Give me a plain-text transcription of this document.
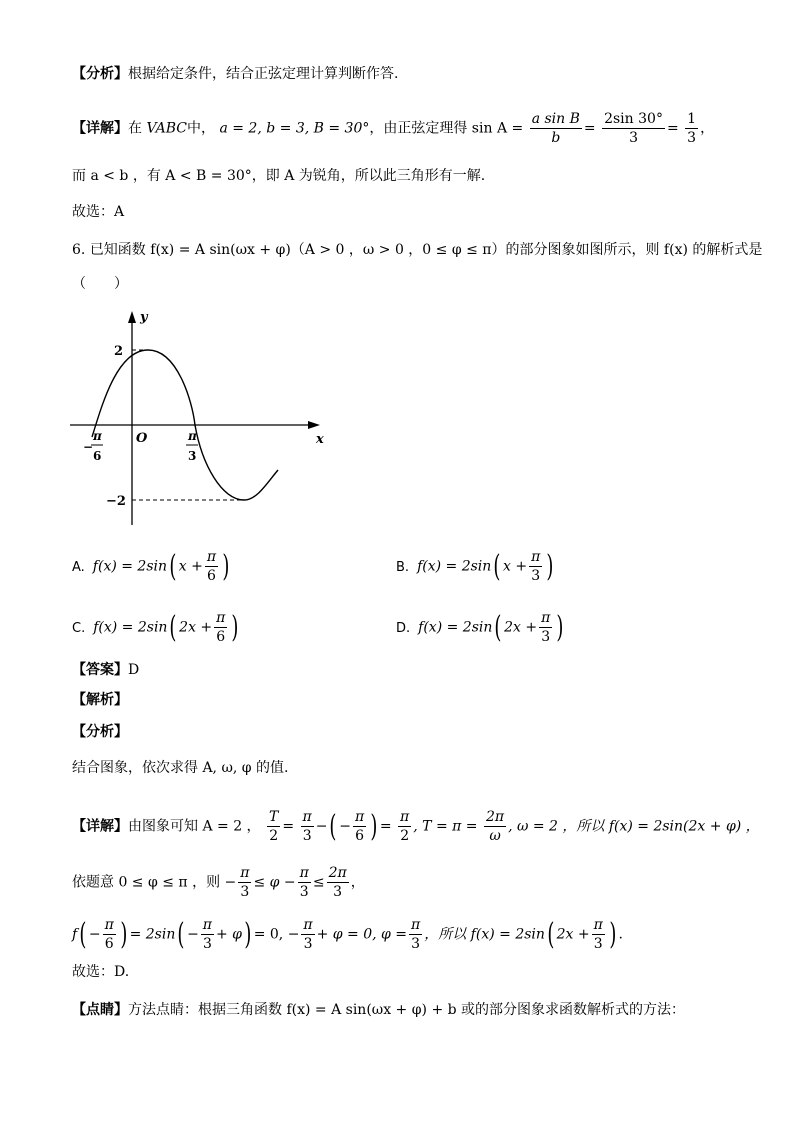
【分析】根据给定条件，结合正弦定理计算判断作答.
【详解】在 VABC中， a = 2, b = 3, B = 30°，由正弦定理得 $\sin A = \frac{\text{a sin B}}{b} = \frac{2\sin 30^\circ}{3} = \frac{1}{3}$ ，
而 a < b ，有 A < B = 30°，即 A 为锐角，所以此三角形有一解.
故选：A
6. 已知函数 f(x) = A sin(ωx + φ)（A > 0 ，ω > 0 ，0 ≤ φ ≤ π）的部分图象如图所示，则 f(x) 的解析式是
（　　）
y
x
O
2
−2
−
π
6
π
3
A. f(x) = 2sin( $x + \frac{\pi}{6}$ )	B. f(x) = 2sin( $x + \frac{\pi}{3}$ )
C. f(x) = 2sin( $2x + \frac{\pi}{6}$ )	D. f(x) = 2sin( $2x + \frac{\pi}{3}$ )
【答案】D
【解析】
【分析】
结合图象，依次求得 A, ω, φ 的值.
【详解】由图象可知 A = 2 ， $\frac{T}{2} = \frac{\pi}{3}$ −( − $\frac{\pi}{6}$ ) = $\frac{\pi}{2}$ , $T = \pi = \frac{2\pi}{\omega}$ , ω = 2 ，所以 f(x) = 2sin(2x + φ) ，
依题意 0 ≤ φ ≤ π ，则 − $\frac{\pi}{3} \le \varphi - \frac{\pi}{3} \le \frac{2\pi}{3}$ ，
$f( - \frac{\pi}{6}$ ) = $2\sin( - \frac{\pi}{3} + \varphi) = 0$, − $\frac{\pi}{3} + \varphi = 0$, $\varphi = \frac{\pi}{3}$ ，所以 f(x) = 2sin( $2x + \frac{\pi}{3}$ ) .
故选：D.
【点睛】方法点睛：根据三角函数 f(x) = A sin(ωx + φ) + b 或的部分图象求函数解析式的方法：
